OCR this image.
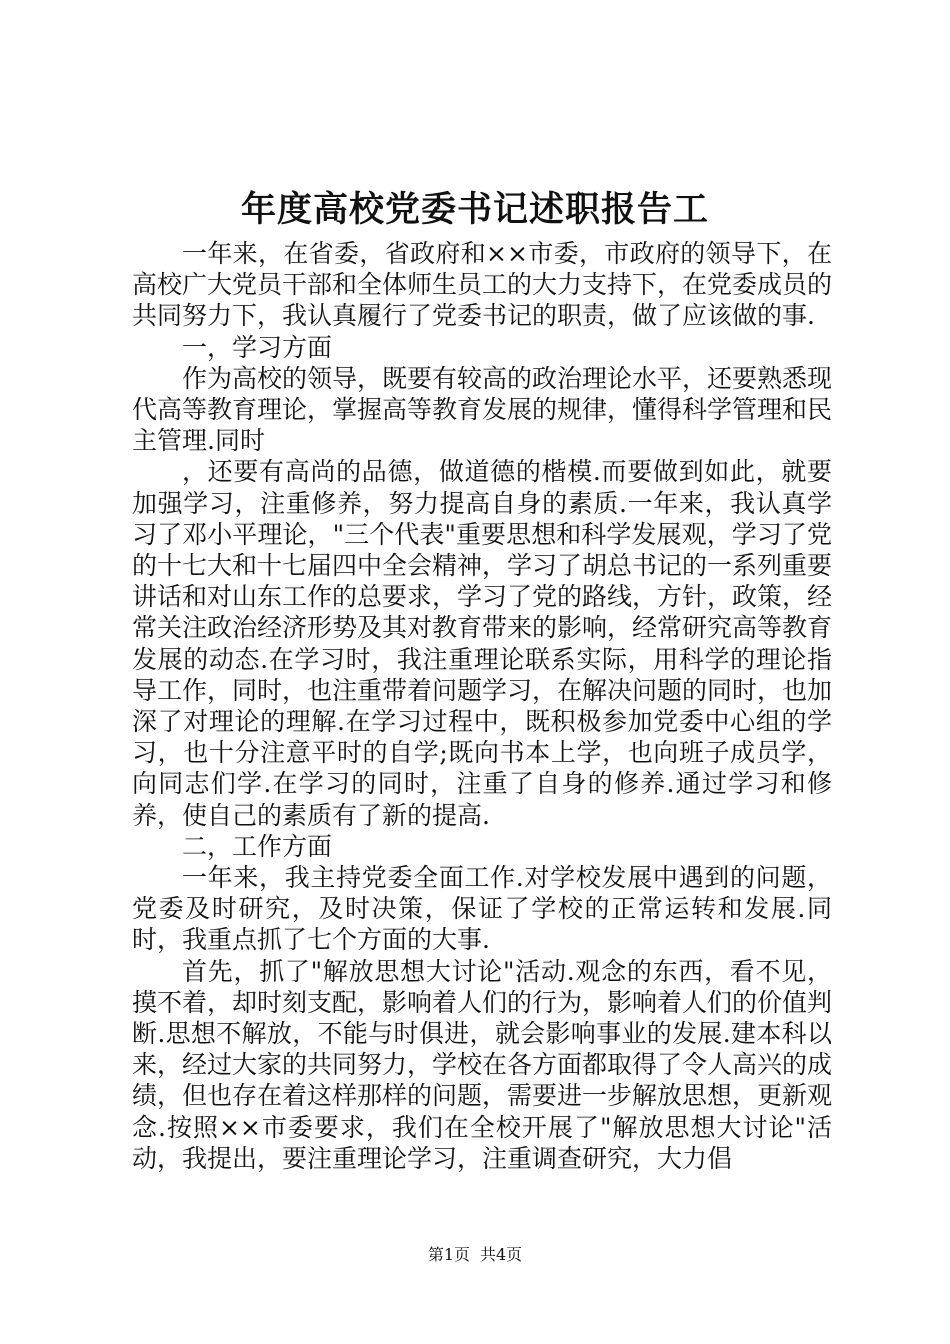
年度高校党委书记述职报告工

一年来，在省委，省政府和××市委，市政府的领导下，在高校广大党员干部和全体师生员工的大力支持下，在党委成员的共同努力下，我认真履行了党委书记的职责，做了应该做的事.

一，学习方面

作为高校的领导，既要有较高的政治理论水平，还要熟悉现代高等教育理论，掌握高等教育发展的规律，懂得科学管理和民主管理.同时

，还要有高尚的品德，做道德的楷模.而要做到如此，就要加强学习，注重修养，努力提高自身的素质.一年来，我认真学习了邓小平理论，"三个代表"重要思想和科学发展观，学习了党的十七大和十七届四中全会精神，学习了胡总书记的一系列重要讲话和对山东工作的总要求，学习了党的路线，方针，政策，经常关注政治经济形势及其对教育带来的影响，经常研究高等教育发展的动态.在学习时，我注重理论联系实际，用科学的理论指导工作，同时，也注重带着问题学习，在解决问题的同时，也加深了对理论的理解.在学习过程中，既积极参加党委中心组的学习，也十分注意平时的自学;既向书本上学，也向班子成员学，向同志们学.在学习的同时，注重了自身的修养.通过学习和修养，使自己的素质有了新的提高.

二，工作方面

一年来，我主持党委全面工作.对学校发展中遇到的问题，党委及时研究，及时决策，保证了学校的正常运转和发展.同时，我重点抓了七个方面的大事.

首先，抓了"解放思想大讨论"活动.观念的东西，看不见，摸不着，却时刻支配，影响着人们的行为，影响着人们的价值判断.思想不解放，不能与时俱进，就会影响事业的发展.建本科以来，经过大家的共同努力，学校在各方面都取得了令人高兴的成绩，但也存在着这样那样的问题，需要进一步解放思想，更新观念.按照××市委要求，我们在全校开展了"解放思想大讨论"活动，我提出，要注重理论学习，注重调查研究，大力倡

第1页 共4页
